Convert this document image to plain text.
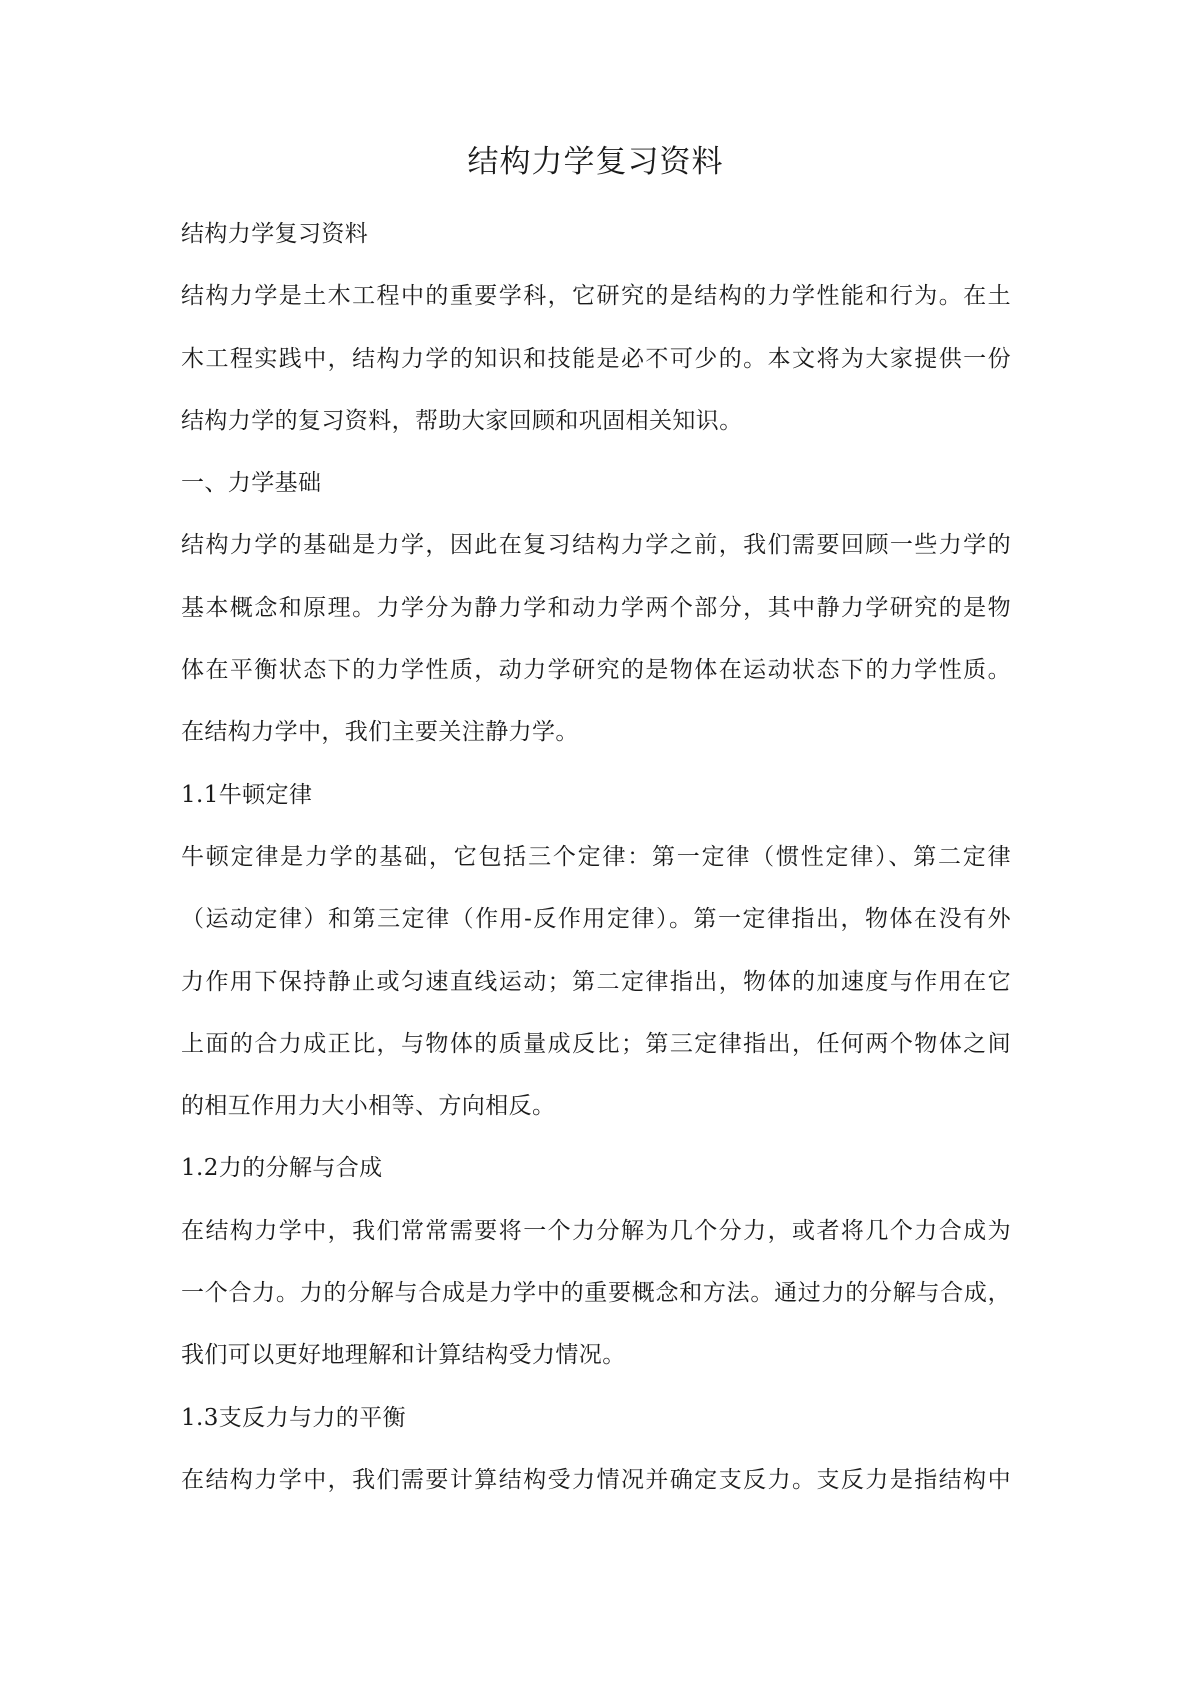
结构力学复习资料
结构力学复习资料
结构力学是土木工程中的重要学科，它研究的是结构的力学性能和行为。在土
木工程实践中，结构力学的知识和技能是必不可少的。本文将为大家提供一份
结构力学的复习资料，帮助大家回顾和巩固相关知识。
一、力学基础
结构力学的基础是力学，因此在复习结构力学之前，我们需要回顾一些力学的
基本概念和原理。力学分为静力学和动力学两个部分，其中静力学研究的是物
体在平衡状态下的力学性质，动力学研究的是物体在运动状态下的力学性质。
在结构力学中，我们主要关注静力学。
1.1牛顿定律
牛顿定律是力学的基础，它包括三个定律：第一定律（惯性定律）、第二定律
（运动定律）和第三定律（作用-反作用定律）。第一定律指出，物体在没有外
力作用下保持静止或匀速直线运动；第二定律指出，物体的加速度与作用在它
上面的合力成正比，与物体的质量成反比；第三定律指出，任何两个物体之间
的相互作用力大小相等、方向相反。
1.2力的分解与合成
在结构力学中，我们常常需要将一个力分解为几个分力，或者将几个力合成为
一个合力。力的分解与合成是力学中的重要概念和方法。通过力的分解与合成，
我们可以更好地理解和计算结构受力情况。
1.3支反力与力的平衡
在结构力学中，我们需要计算结构受力情况并确定支反力。支反力是指结构中
